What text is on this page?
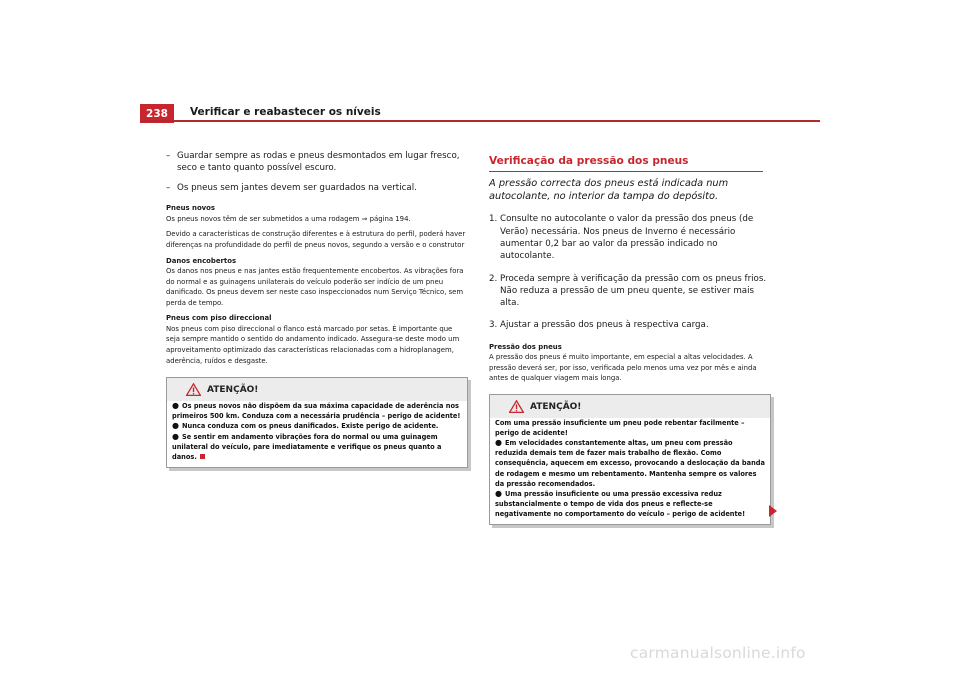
238	Verificar e reabastecer os níveis
– Guardar sempre as rodas e pneus desmontados em lugar fresco, seco e tanto quanto possível escuro.
– Os pneus sem jantes devem ser guardados na vertical.
Pneus novos

Os pneus novos têm de ser submetidos a uma rodagem ⇒ página 194.

Devido a características de construção diferentes e à estrutura do perfil, poderá haver diferenças na profundidade do perfil de pneus novos, segundo a versão e o construtor

Danos encobertos

Os danos nos pneus e nas jantes estão frequentemente encobertos. As vibrações fora do normal e as guinagens unilaterais do veículo poderão ser indício de um pneu danificado. Os pneus devem ser neste caso inspeccionados num Serviço Técnico, sem perda de tempo.

Pneus com piso direccional

Nos pneus com piso direccional o flanco está marcado por setas. É importante que seja sempre mantido o sentido do andamento indicado. Assegura-se deste modo um aproveitamento optimizado das características relacionadas com a hidroplanagem, aderência, ruídos e desgaste.

ATENÇÃO!
● Os pneus novos não dispõem da sua máxima capacidade de aderência nos primeiros 500 km. Conduza com a necessária prudência – perigo de acidente!
● Nunca conduza com os pneus danificados. Existe perigo de acidente.
● Se sentir em andamento vibrações fora do normal ou uma guinagem unilateral do veículo, pare imediatamente e verifique os pneus quanto a danos.
Verificação da pressão dos pneus

A pressão correcta dos pneus está indicada num autocolante, no interior da tampa do depósito.

1. Consulte no autocolante o valor da pressão dos pneus (de Verão) necessária. Nos pneus de Inverno é necessário aumentar 0,2 bar ao valor da pressão indicado no autocolante.
2. Proceda sempre à verificação da pressão com os pneus frios. Não reduza a pressão de um pneu quente, se estiver mais alta.
3. Ajustar a pressão dos pneus à respectiva carga.
Pressão dos pneus

A pressão dos pneus é muito importante, em especial a altas velocidades. A pressão deverá ser, por isso, verificada pelo menos uma vez por mês e ainda antes de qualquer viagem mais longa.

ATENÇÃO!
Com uma pressão insuficiente um pneu pode rebentar facilmente – perigo de acidente!
● Em velocidades constantemente altas, um pneu com pressão reduzida demais tem de fazer mais trabalho de flexão. Como consequência, aquecem em excesso, provocando a deslocação da banda de rodagem e mesmo um rebentamento. Mantenha sempre os valores da pressão recomendados.
● Uma pressão insuficiente ou uma pressão excessiva reduz substancialmente o tempo de vida dos pneus e reflecte-se negativamente no comportamento do veículo – perigo de acidente!
carmanualsonline.info
